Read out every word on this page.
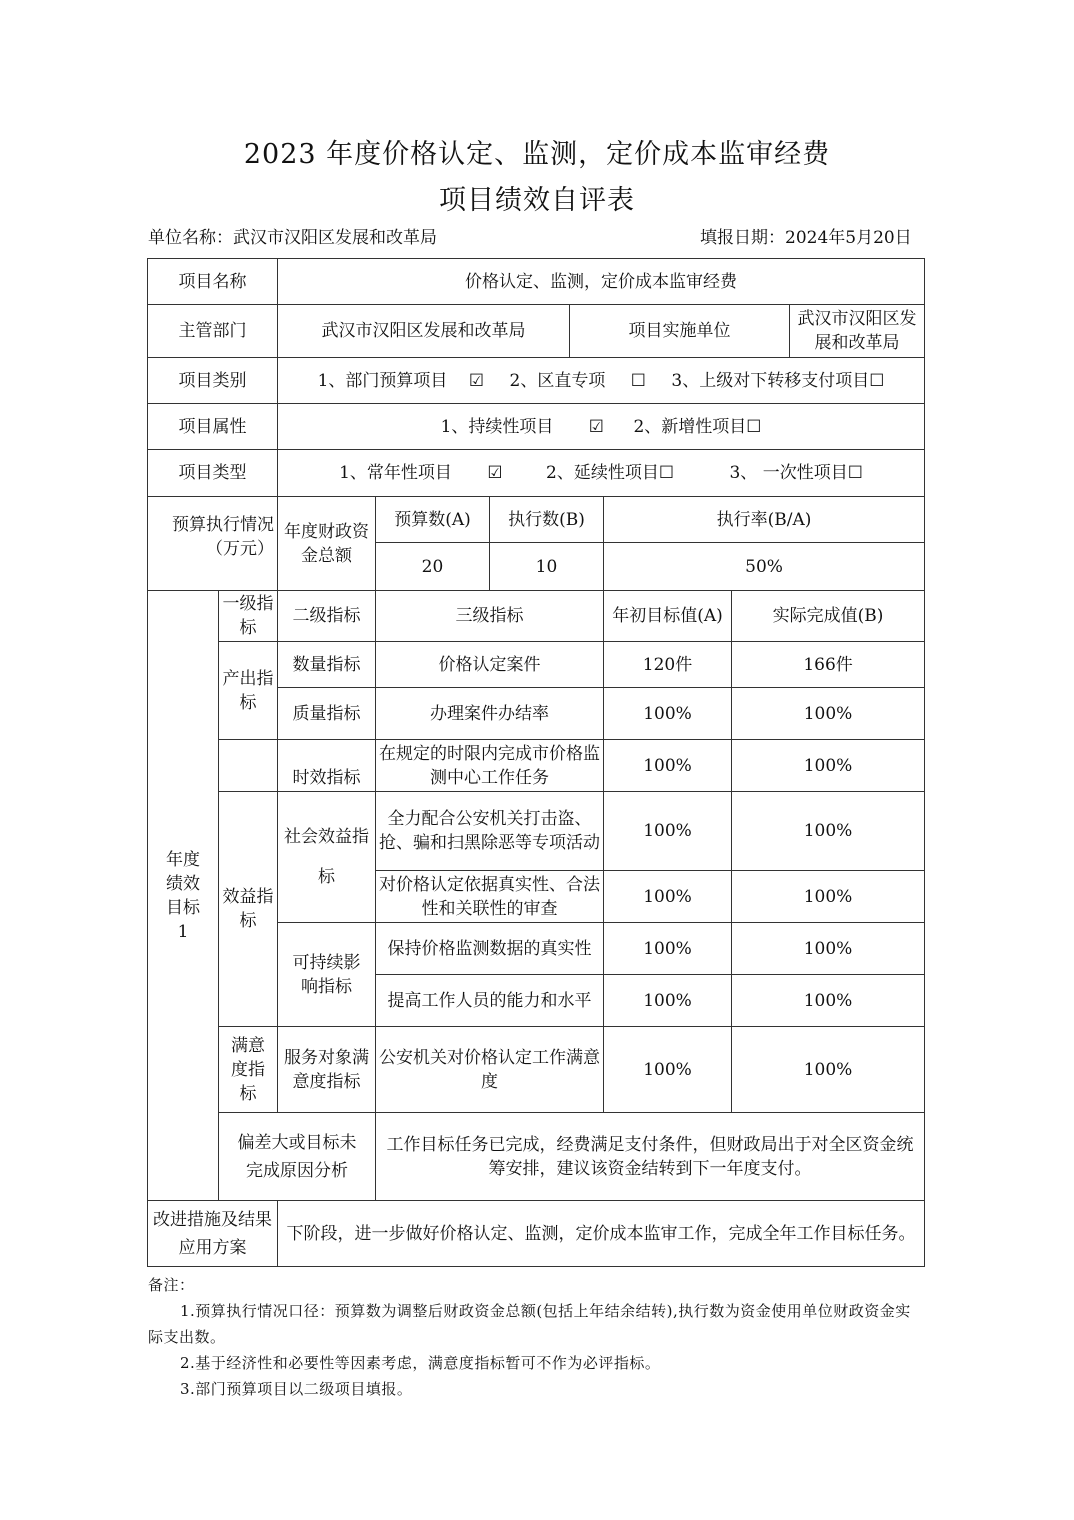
2023 年度价格认定、监测，定价成本监审经费
项目绩效自评表
单位名称：武汉市汉阳区发展和改革局	填报日期：2024年5月20日
项目名称		价格认定、监测，定价成本监审经费						
主管部门		武汉市汉阳区发展和改革局			项目实施单位			武汉市汉阳区发展和改革局
项目类别		1、部门预算项目 ☑ 2、区直专项 ☐ 3、上级对下转移支付项目☐						
项目属性		1、持续性项目 ☑ 2、新增性项目☐						
项目类型		1、常年性项目 ☑ 2、延续性项目☐ 3、 一次性项目☐						
预算执行情况（万元）		年度财政资金总额	预算数(A)	执行数(B)		执行率(B/A)		
			20	10		50%		
年度绩效目标1	一级指标	二级指标	三级指标			年初目标值(A)	实际完成值(B)	
	产出指标	数量指标	价格认定案件			120件	166件	
		质量指标	办理案件办结率			100%	100%	
		时效指标	在规定的时限内完成市价格监测中心工作任务			100%	100%	
	效益指标	社会效益指标	全力配合公安机关打击盗、抢、骗和扫黑除恶等专项活动			100%	100%	
			对价格认定依据真实性、合法性和关联性的审查			100%	100%	
		可持续影响指标	保持价格监测数据的真实性			100%	100%	
			提高工作人员的能力和水平			100%	100%	
	满意度指标	服务对象满意度指标	公安机关对价格认定工作满意度			100%	100%	
	偏差大或目标未完成原因分析		工作目标任务已完成，经费满足支付条件，但财政局出于对全区资金统筹安排，建议该资金结转到下一年度支付。					
改进措施及结果应用方案		下阶段，进一步做好价格认定、监测，定价成本监审工作，完成全年工作目标任务。						

备注：

1.预算执行情况口径：预算数为调整后财政资金总额(包括上年结余结转),执行数为资金使用单位财政资金实际支出数。

2.基于经济性和必要性等因素考虑，满意度指标暂可不作为必评指标。

3.部门预算项目以二级项目填报。
